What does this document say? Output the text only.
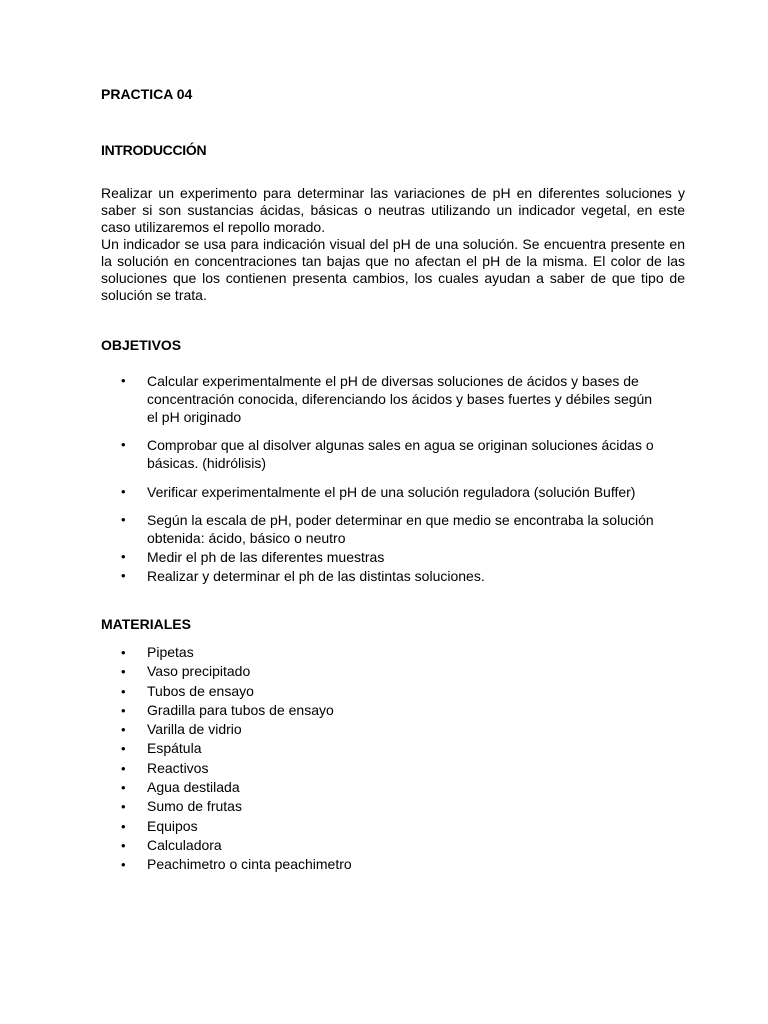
PRACTICA 04
INTRODUCCIÓN

Realizar un experimento para determinar las variaciones de pH en diferentes soluciones y saber si son sustancias ácidas, básicas o neutras utilizando un indicador vegetal, en este caso utilizaremos el repollo morado.

Un indicador se usa para indicación visual del pH de una solución. Se encuentra presente en la solución en concentraciones tan bajas que no afectan el pH de la misma. El color de las soluciones que los contienen presenta cambios, los cuales ayudan a saber de que tipo de solución se trata.

OBJETIVOS
• Calcular experimentalmente el pH de diversas soluciones de ácidos y bases de concentración conocida, diferenciando los ácidos y bases fuertes y débiles según el pH originado
• Comprobar que al disolver algunas sales en agua se originan soluciones ácidas o básicas. (hidrólisis)
• Verificar experimentalmente el pH de una solución reguladora (solución Buffer)
• Según la escala de pH, poder determinar en que medio se encontraba la solución obtenida: ácido, básico o neutro
• Medir el ph de las diferentes muestras
• Realizar y determinar el ph de las distintas soluciones.
MATERIALES
• Pipetas
• Vaso precipitado
• Tubos de ensayo
• Gradilla para tubos de ensayo
• Varilla de vidrio
• Espátula
• Reactivos
• Agua destilada
• Sumo de frutas
• Equipos
• Calculadora
• Peachimetro o cinta peachimetro
